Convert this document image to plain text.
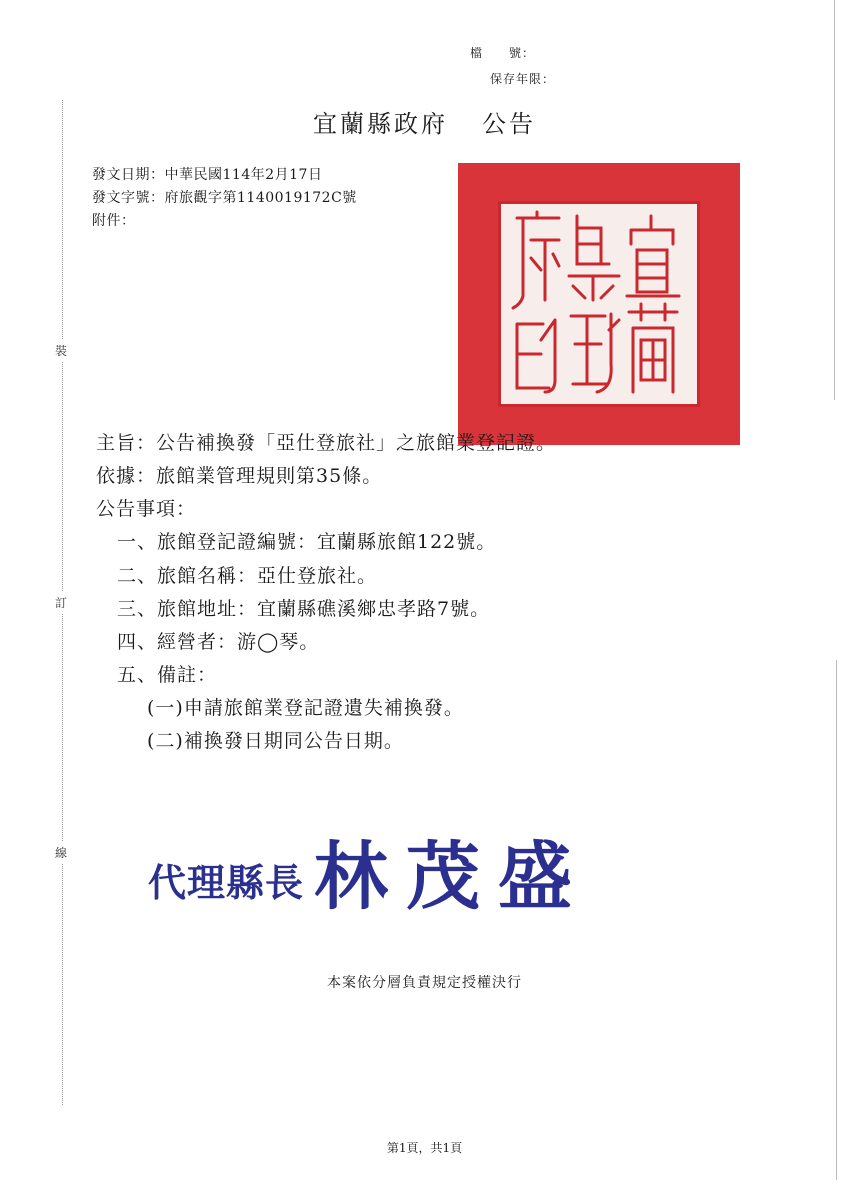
檔　　號：
保存年限：
裝
訂
線
宜蘭縣政府 公告
發文日期：中華民國114年2月17日
發文字號：府旅觀字第1140019172C號
附件：
主旨：公告補換發「亞仕登旅社」之旅館業登記證。
依據：旅館業管理規則第35條。
公告事項：
一、旅館登記證編號：宜蘭縣旅館122號。
二、旅館名稱：亞仕登旅社。
三、旅館地址：宜蘭縣礁溪鄉忠孝路7號。
四、經營者：游◯琴。
五、備註：
(一)申請旅館業登記證遺失補換發。
(二)補換發日期同公告日期。
代理縣長 林茂盛
本案依分層負責規定授權決行
第1頁，共1頁
